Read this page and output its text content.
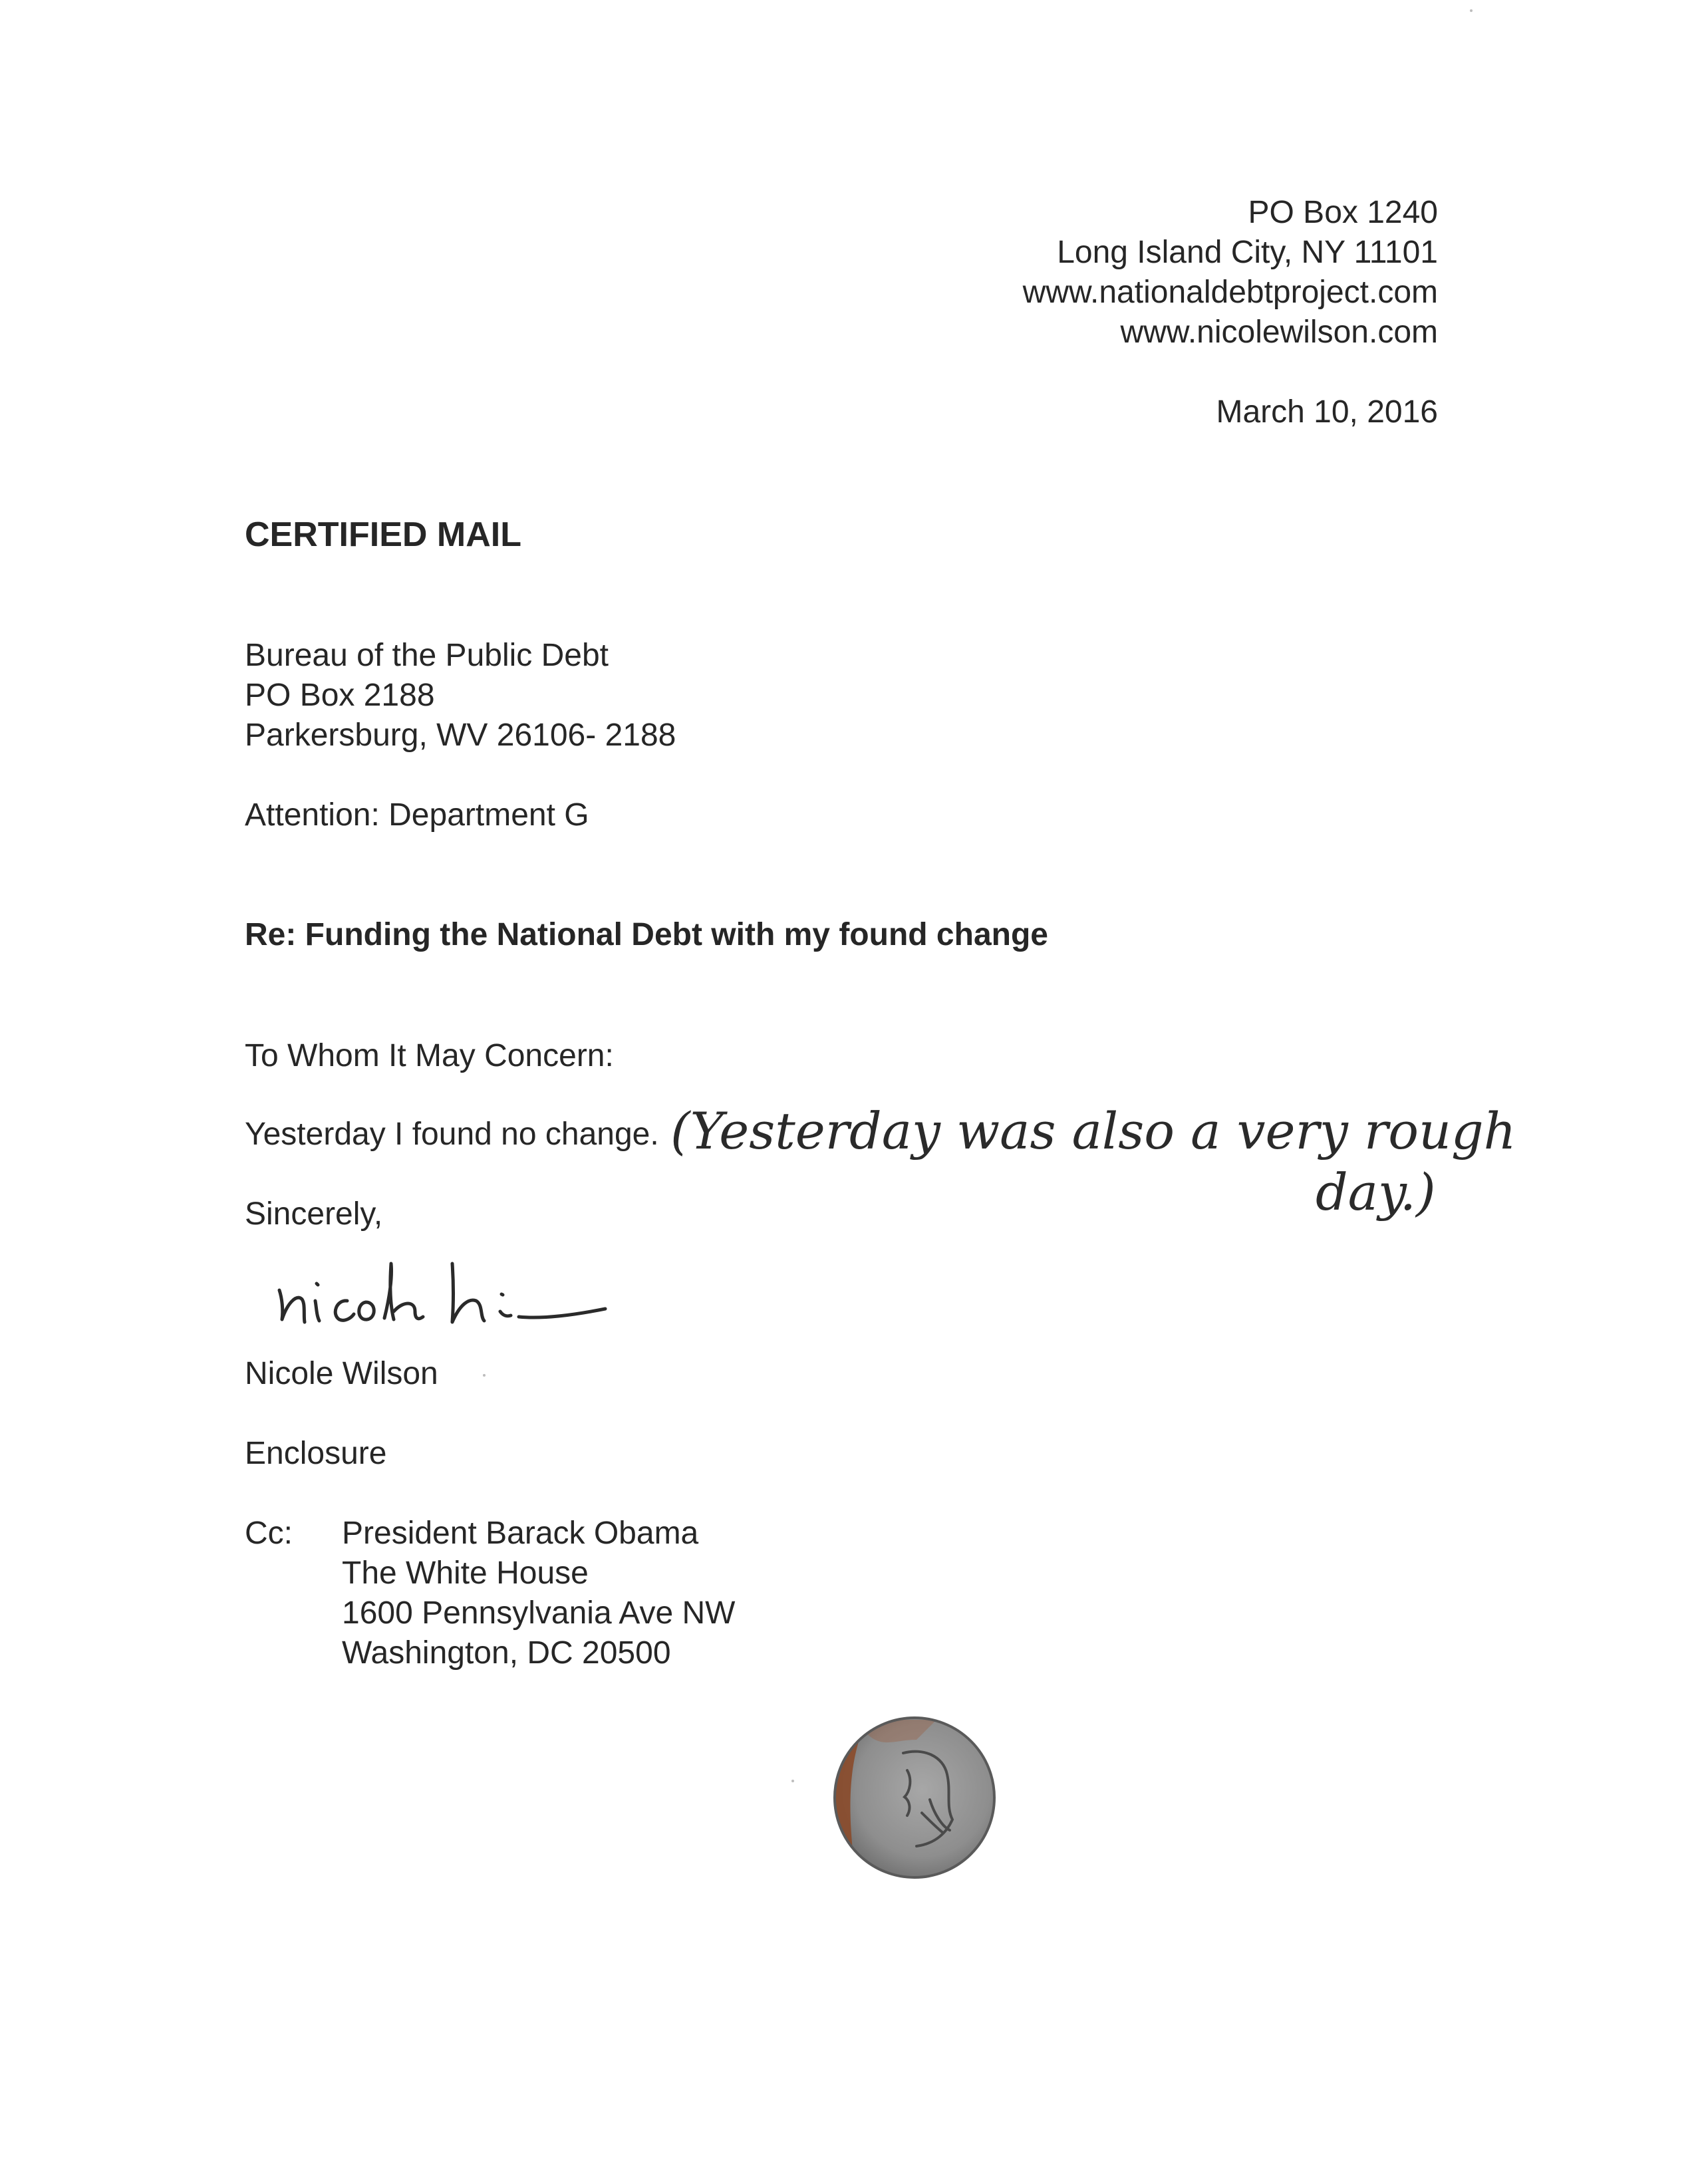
PO Box 1240
Long Island City, NY 11101
www.nationaldebtproject.com
www.nicolewilson.com
March 10, 2016
CERTIFIED MAIL
Bureau of the Public Debt
PO Box 2188
Parkersburg, WV 26106- 2188
Attention: Department G
Re: Funding the National Debt with my found change
To Whom It May Concern:
Yesterday I found no change. (Yesterday was also a very rough
day.)
Sincerely,
Nicole Wilson
Enclosure
Cc: President Barack Obama
The White House
1600 Pennsylvania Ave NW
Washington, DC 20500
